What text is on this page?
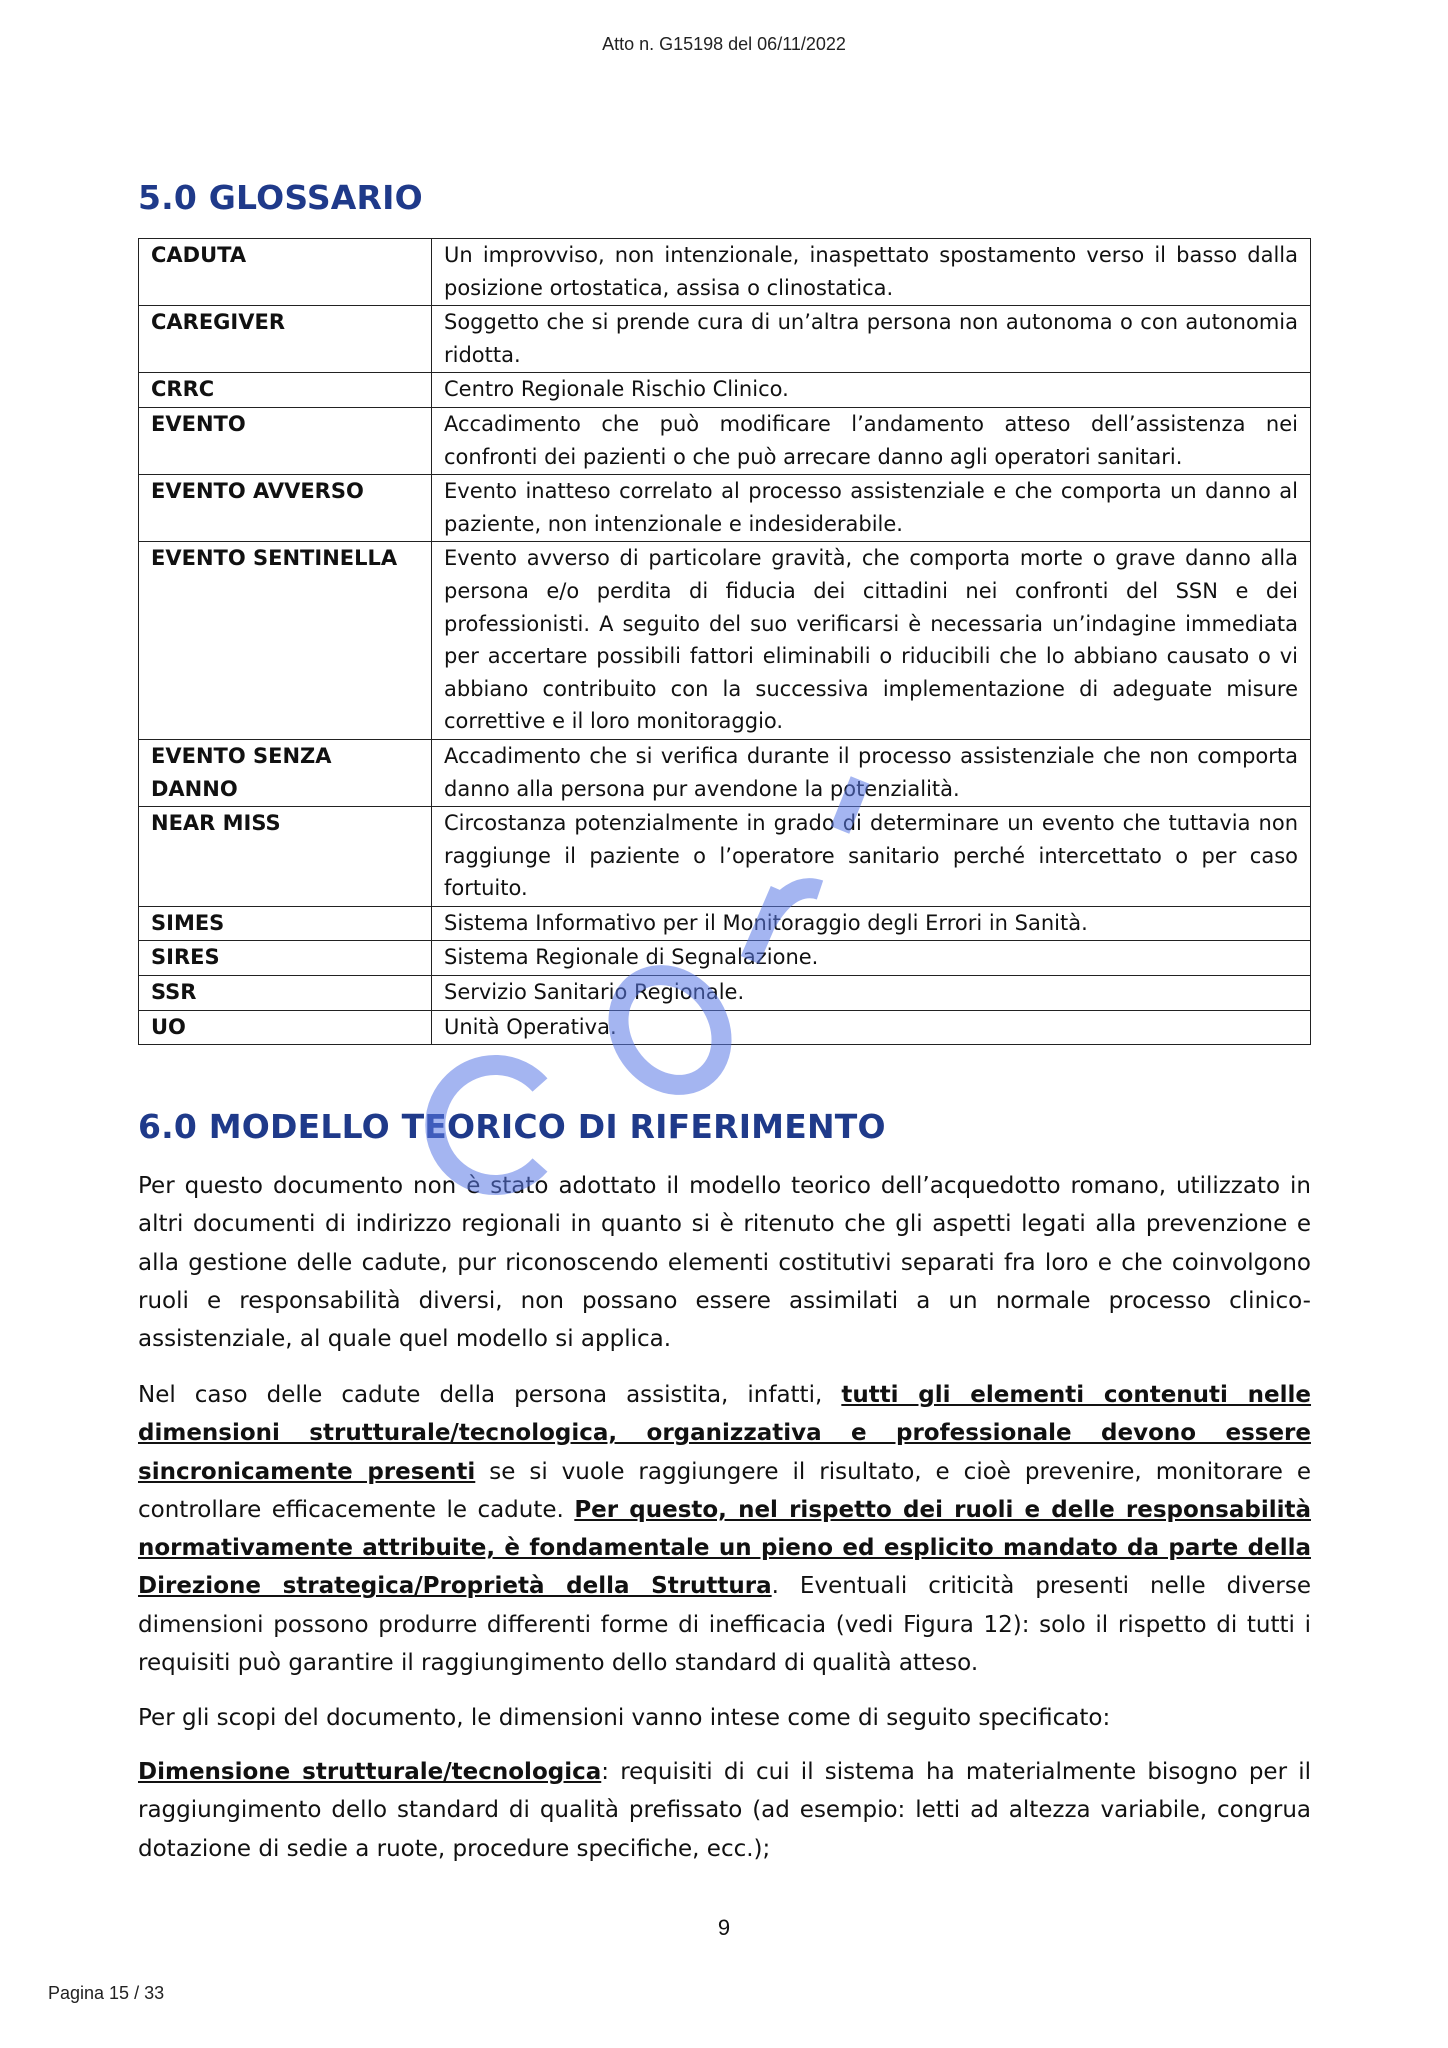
Atto n. G15198 del 06/11/2022
5.0 GLOSSARIO
CADUTA	Un improvviso, non intenzionale, inaspettato spostamento verso il basso dalla posizione ortostatica, assisa o clinostatica.
CAREGIVER	Soggetto che si prende cura di un’altra persona non autonoma o con autonomia ridotta.
CRRC	Centro Regionale Rischio Clinico.
EVENTO	Accadimento che può modificare l’andamento atteso dell’assistenza nei confronti dei pazienti o che può arrecare danno agli operatori sanitari.
EVENTO AVVERSO	Evento inatteso correlato al processo assistenziale e che comporta un danno al paziente, non intenzionale e indesiderabile.
EVENTO SENTINELLA	Evento avverso di particolare gravità, che comporta morte o grave danno alla persona e/o perdita di fiducia dei cittadini nei confronti del SSN e dei professionisti. A seguito del suo verificarsi è necessaria un’indagine immediata per accertare possibili fattori eliminabili o riducibili che lo abbiano causato o vi abbiano contribuito con la successiva implementazione di adeguate misure correttive e il loro monitoraggio.
EVENTO SENZA DANNO	Accadimento che si verifica durante il processo assistenziale che non comporta danno alla persona pur avendone la potenzialità.
NEAR MISS	Circostanza potenzialmente in grado di determinare un evento che tuttavia non raggiunge il paziente o l’operatore sanitario perché intercettato o per caso fortuito.
SIMES	Sistema Informativo per il Monitoraggio degli Errori in Sanità.
SIRES	Sistema Regionale di Segnalazione.
SSR	Servizio Sanitario Regionale.
UO	Unità Operativa.
6.0 MODELLO TEORICO DI RIFERIMENTO

Per questo documento non è stato adottato il modello teorico dell’acquedotto romano, utilizzato in altri documenti di indirizzo regionali in quanto si è ritenuto che gli aspetti legati alla prevenzione e alla gestione delle cadute, pur riconoscendo elementi costitutivi separati fra loro e che coinvolgono ruoli e responsabilità diversi, non possano essere assimilati a un normale processo clinico-assistenziale, al quale quel modello si applica.

Nel caso delle cadute della persona assistita, infatti, tutti gli elementi contenuti nelle dimensioni strutturale/tecnologica, organizzativa e professionale devono essere sincronicamente presenti se si vuole raggiungere il risultato, e cioè prevenire, monitorare e controllare efficacemente le cadute. Per questo, nel rispetto dei ruoli e delle responsabilità normativamente attribuite, è fondamentale un pieno ed esplicito mandato da parte della Direzione strategica/Proprietà della Struttura. Eventuali criticità presenti nelle diverse dimensioni possono produrre differenti forme di inefficacia (vedi Figura 12): solo il rispetto di tutti i requisiti può garantire il raggiungimento dello standard di qualità atteso.

Per gli scopi del documento, le dimensioni vanno intese come di seguito specificato:

Dimensione strutturale/tecnologica: requisiti di cui il sistema ha materialmente bisogno per il raggiungimento dello standard di qualità prefissato (ad esempio: letti ad altezza variabile, congrua dotazione di sedie a ruote, procedure specifiche, ecc.);

9
Pagina 15 / 33
